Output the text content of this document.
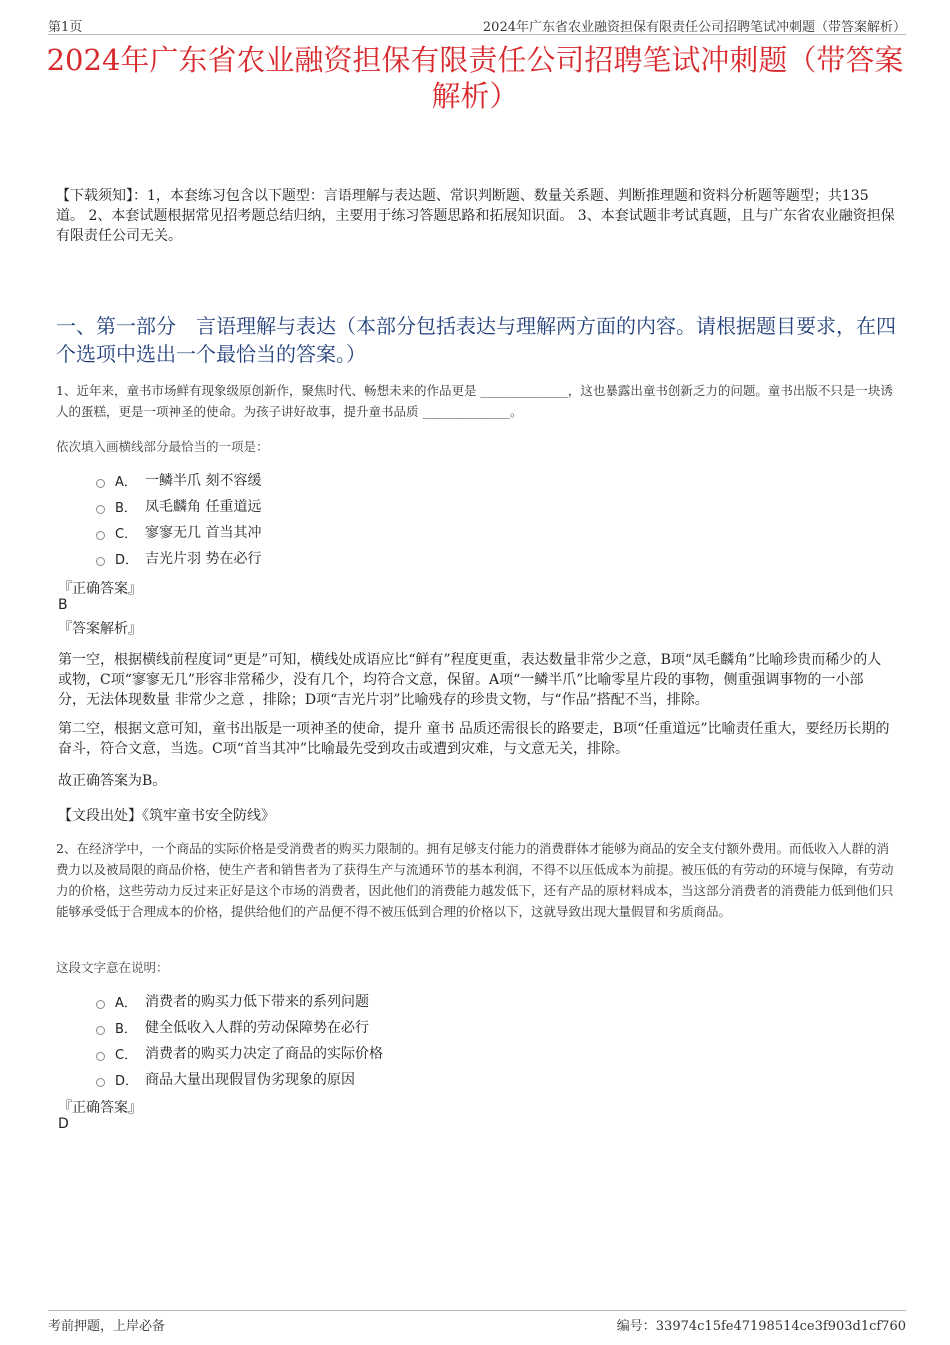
第1页	2024年广东省农业融资担保有限责任公司招聘笔试冲刺题（带答案解析）
2024年广东省农业融资担保有限责任公司招聘笔试冲刺题（带答案解析）
【下载须知】：1，本套练习包含以下题型：言语理解与表达题、常识判断题、数量关系题、判断推理题和资料分析题等题型；共135道。 2、本套试题根据常见招考题总结归纳，主要用于练习答题思路和拓展知识面。 3、本套试题非考试真题，且与广东省农业融资担保有限责任公司无关。
一、第一部分　言语理解与表达（本部分包括表达与理解两方面的内容。请根据题目要求，在四个选项中选出一个最恰当的答案。）
1、近年来，童书市场鲜有现象级原创新作，聚焦时代、畅想未来的作品更是 ______________，这也暴露出童书创新乏力的问题。童书出版不只是一块诱人的蛋糕，更是一项神圣的使命。为孩子讲好故事，提升童书品质 ______________。
依次填入画横线部分最恰当的一项是：
A． 一鳞半爪 刻不容缓
B． 凤毛麟角 任重道远
C． 寥寥无几 首当其冲
D． 吉光片羽 势在必行
『正确答案』
B
『答案解析』
第一空，根据横线前程度词“更是”可知，横线处成语应比“鲜有”程度更重，表达数量非常少之意，B项“凤毛麟角”比喻珍贵而稀少的人或物，C项“寥寥无几”形容非常稀少，没有几个，均符合文意，保留。A项“一鳞半爪”比喻零星片段的事物，侧重强调事物的一小部分，无法体现数量 非常少之意 ，排除；D项“吉光片羽”比喻残存的珍贵文物，与“作品”搭配不当，排除。
第二空，根据文意可知，童书出版是一项神圣的使命，提升 童书 品质还需很长的路要走，B项“任重道远”比喻责任重大，要经历长期的奋斗，符合文意，当选。C项“首当其冲”比喻最先受到攻击或遭到灾难，与文意无关，排除。
故正确答案为B。
【文段出处】《筑牢童书安全防线》
2、在经济学中，一个商品的实际价格是受消费者的购买力限制的。拥有足够支付能力的消费群体才能够为商品的安全支付额外费用。而低收入人群的消费力以及被局限的商品价格，使生产者和销售者为了获得生产与流通环节的基本利润，不得不以压低成本为前提。被压低的有劳动的环境与保障，有劳动力的价格，这些劳动力反过来正好是这个市场的消费者，因此他们的消费能力越发低下，还有产品的原材料成本，当这部分消费者的消费能力低到他们只能够承受低于合理成本的价格，提供给他们的产品便不得不被压低到合理的价格以下，这就导致出现大量假冒和劣质商品。
这段文字意在说明：
A． 消费者的购买力低下带来的系列问题
B． 健全低收入人群的劳动保障势在必行
C． 消费者的购买力决定了商品的实际价格
D． 商品大量出现假冒伪劣现象的原因
『正确答案』
D
考前押题，上岸必备	编号：33974c15fe47198514ce3f903d1cf760
